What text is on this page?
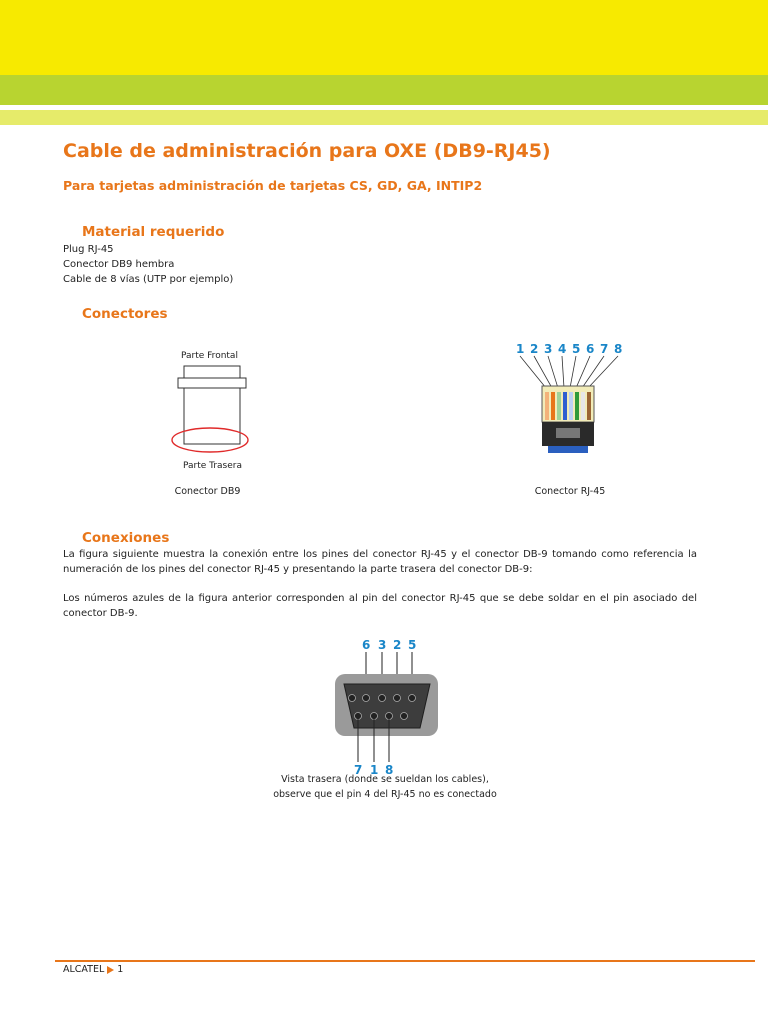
Cable de administración para OXE (DB9-RJ45)

Para tarjetas administración de tarjetas CS, GD, GA, INTIP2

Material requerido
Plug RJ-45
Conector DB9 hembra
Cable de 8 vías (UTP por ejemplo)
Conectores
Parte Frontal
Parte Trasera
Conector DB9
1 2 3 4 5 6 7 8
Conector RJ-45
Conexiones

La figura siguiente muestra la conexión entre los pines del conector RJ-45 y el conector DB-9 tomando como referencia la numeración de los pines del conector RJ-45 y presentando la parte trasera del conector DB-9:

Los números azules de la figura anterior corresponden al pin del conector RJ-45 que se debe soldar en el pin asociado del conector DB-9.

6 3 2 5
7 1 8
Vista trasera (donde se sueldan los cables),
observe que el pin 4 del RJ-45 no es conectado
ALCATEL 1
